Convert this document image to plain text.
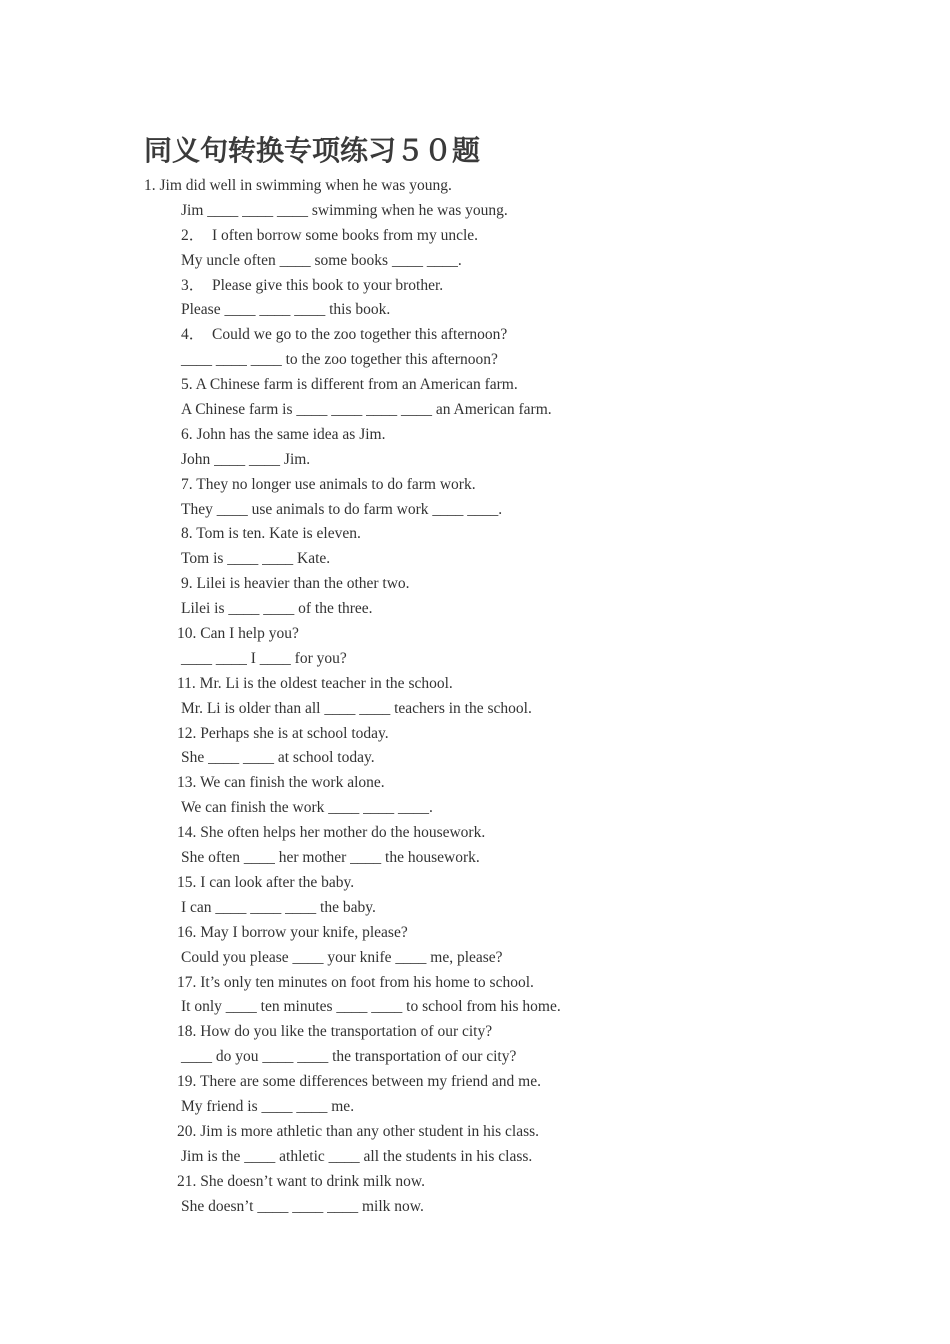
同义句转换专项练习５０题
1. Jim did well in swimming when he was young.
Jim ____ ____ ____ swimming when he was young.
2．  I often borrow some books from my uncle.
My uncle often ____ some books ____ ____.
3．  Please give this book to your brother.
Please ____ ____ ____ this book.
4．  Could we go to the zoo together this afternoon?
____ ____ ____ to the zoo together this afternoon?
5. A Chinese farm is different from an American farm.
A Chinese farm is ____ ____ ____ ____ an American farm.
6. John has the same idea as Jim.
John ____ ____ Jim.
7. They no longer use animals to do farm work.
They ____ use animals to do farm work ____ ____.
8. Tom is ten. Kate is eleven.
Tom is ____ ____ Kate.
9. Lilei is heavier than the other two.
Lilei is ____ ____ of the three.
10. Can I help you?
____ ____ I ____ for you?
11. Mr. Li is the oldest teacher in the school.
Mr. Li is older than all ____ ____ teachers in the school.
12. Perhaps she is at school today.
She ____ ____ at school today.
13. We can finish the work alone.
We can finish the work ____ ____ ____.
14. She often helps her mother do the housework.
She often ____ her mother ____ the housework.
15. I can look after the baby.
I can ____ ____ ____ the baby.
16. May I borrow your knife, please?
Could you please ____ your knife ____ me, please?
17. It’s only ten minutes on foot from his home to school.
It only ____ ten minutes ____ ____ to school from his home.
18. How do you like the transportation of our city?
____ do you ____ ____ the transportation of our city?
19. There are some differences between my friend and me.
My friend is ____ ____ me.
20. Jim is more athletic than any other student in his class.
Jim is the ____ athletic ____ all the students in his class.
21. She doesn’t want to drink milk now.
She doesn’t ____ ____ ____ milk now.
